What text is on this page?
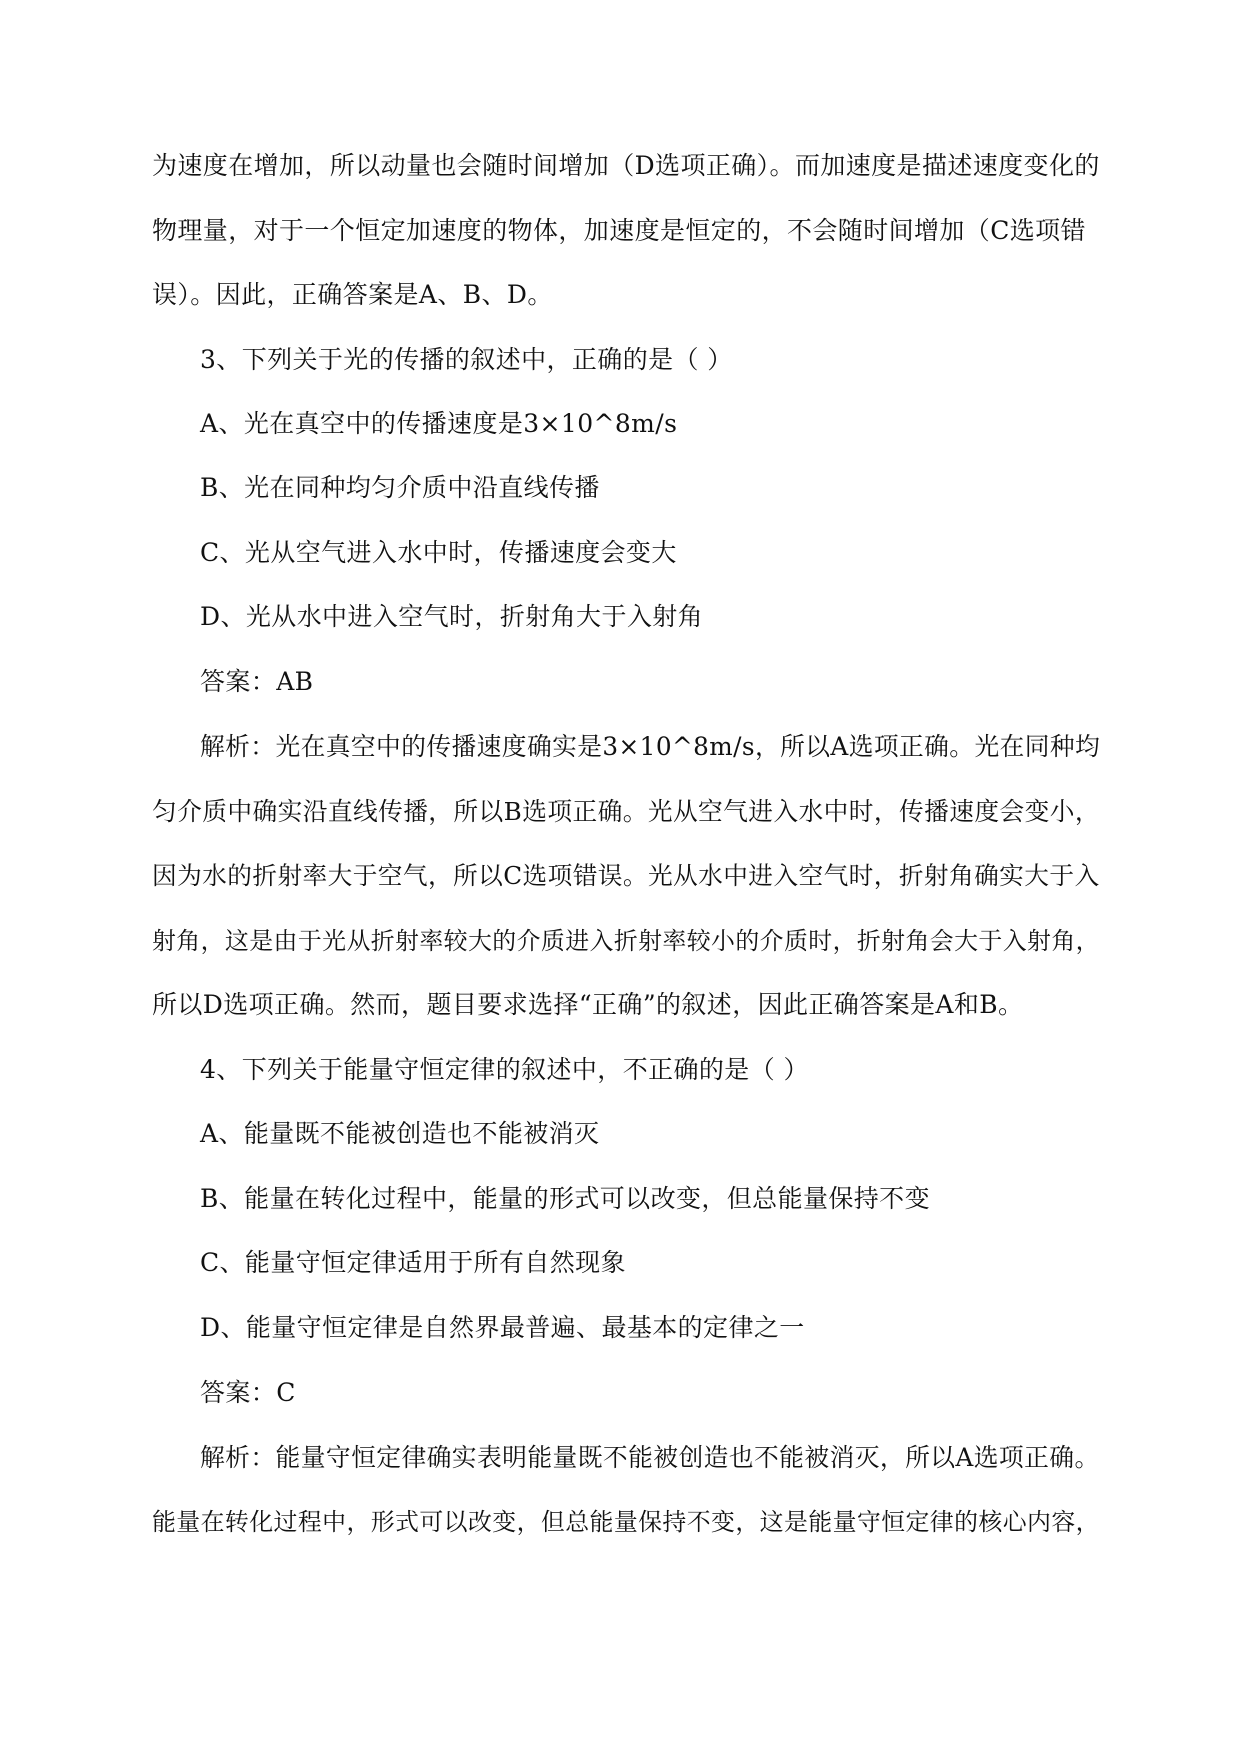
为速度在增加，所以动量也会随时间增加（D选项正确）。而加速度是描述速度变化的
物理量，对于一个恒定加速度的物体，加速度是恒定的，不会随时间增加（C选项错
误）。因此，正确答案是A、B、D。
3、下列关于光的传播的叙述中，正确的是（ ）
A、光在真空中的传播速度是3×10^8m/s
B、光在同种均匀介质中沿直线传播
C、光从空气进入水中时，传播速度会变大
D、光从水中进入空气时，折射角大于入射角
答案：AB
解析：光在真空中的传播速度确实是3×10^8m/s，所以A选项正确。光在同种均
匀介质中确实沿直线传播，所以B选项正确。光从空气进入水中时，传播速度会变小，
因为水的折射率大于空气，所以C选项错误。光从水中进入空气时，折射角确实大于入
射角，这是由于光从折射率较大的介质进入折射率较小的介质时，折射角会大于入射角，
所以D选项正确。然而，题目要求选择“正确”的叙述，因此正确答案是A和B。
4、下列关于能量守恒定律的叙述中，不正确的是（ ）
A、能量既不能被创造也不能被消灭
B、能量在转化过程中，能量的形式可以改变，但总能量保持不变
C、能量守恒定律适用于所有自然现象
D、能量守恒定律是自然界最普遍、最基本的定律之一
答案：C
解析：能量守恒定律确实表明能量既不能被创造也不能被消灭，所以A选项正确。
能量在转化过程中，形式可以改变，但总能量保持不变，这是能量守恒定律的核心内容，
